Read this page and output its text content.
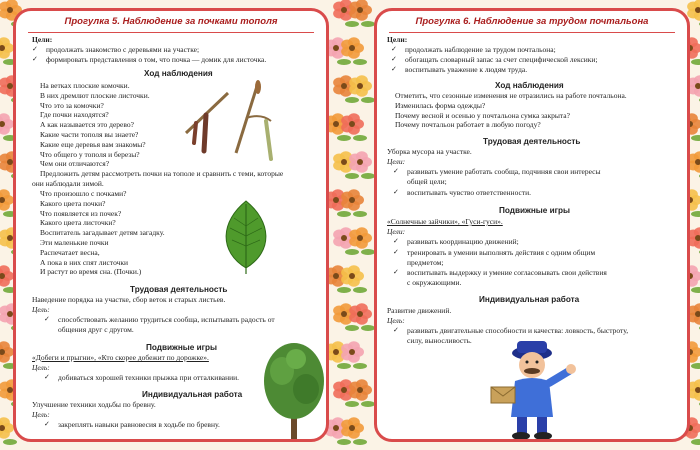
Прогулка 5. Наблюдение за почками тополя
Цели:
✓ продолжать знакомство с деревьями на участке;
✓ формировать представления о том, что почка — домик для листочка.
Ход наблюдения
На ветках плоские комочки.
В них дремлют плоские листочки.
Что это за комочки?
Где почки находятся?
А как называется это дерево?
Какие части тополя вы знаете?
Какие еще деревья вам знакомы?
Что общего у тополя и березы?
Чем они отличаются?
Предложить детям рассмотреть почки на тополе и сравнить с теми, которые
они наблюдали зимой.
Что произошло с почками?
Какого цвета почки?
Что появляется из почек?
Какого цвета листочки?
Воспитатель загадывает детям загадку.
Эти маленькие почки
Распечатает весна,
А пока в них спят листочки
И растут во время сна. (Почки.)
Трудовая деятельность
Наведение порядка на участке, сбор веток и старых листьев.
Цель:
✓ способствовать желанию трудиться сообща, испытывать радость от
общения друг с другом.
Подвижные игры
«Добеги и прыгни», «Кто скорее добежит по дорожке».
Цель:
✓ добиваться хорошей техники прыжка при отталкивании.
Индивидуальная работа
Улучшение техники ходьбы по бревну.
Цель:
✓ закреплять навыки равновесия в ходьбе по бревну.
Прогулка 6. Наблюдение за трудом почтальона
Цели:
✓ продолжать наблюдение за трудом почтальона;
✓ обогащать словарный запас за счет специфической лексики;
✓ воспитывать уважение к людям труда.
Ход наблюдения
Отметить, что сезонные изменения не отразились на работе почтальона.
Изменилась форма одежды?
Почему весной и осенью у почтальона сумка закрыта?
Почему почтальон работает в любую погоду?
Трудовая деятельность
Уборка мусора на участке.
Цели:
✓ развивать умение работать сообща, подчиняя свои интересы
общей цели;
✓ воспитывать чувство ответственности.
Подвижные игры
«Солнечные зайчики», «Гуси-гуси».
Цели:
✓ развивать координацию движений;
✓ тренировать в умении выполнять действия с одним общим
предметом;
✓ воспитывать выдержку и умение согласовывать свои действия
с окружающими.
Индивидуальная работа
Развитие движений.
Цель:
✓ развивать двигательные способности и качества: ловкость, быстроту,
силу, выносливость.
